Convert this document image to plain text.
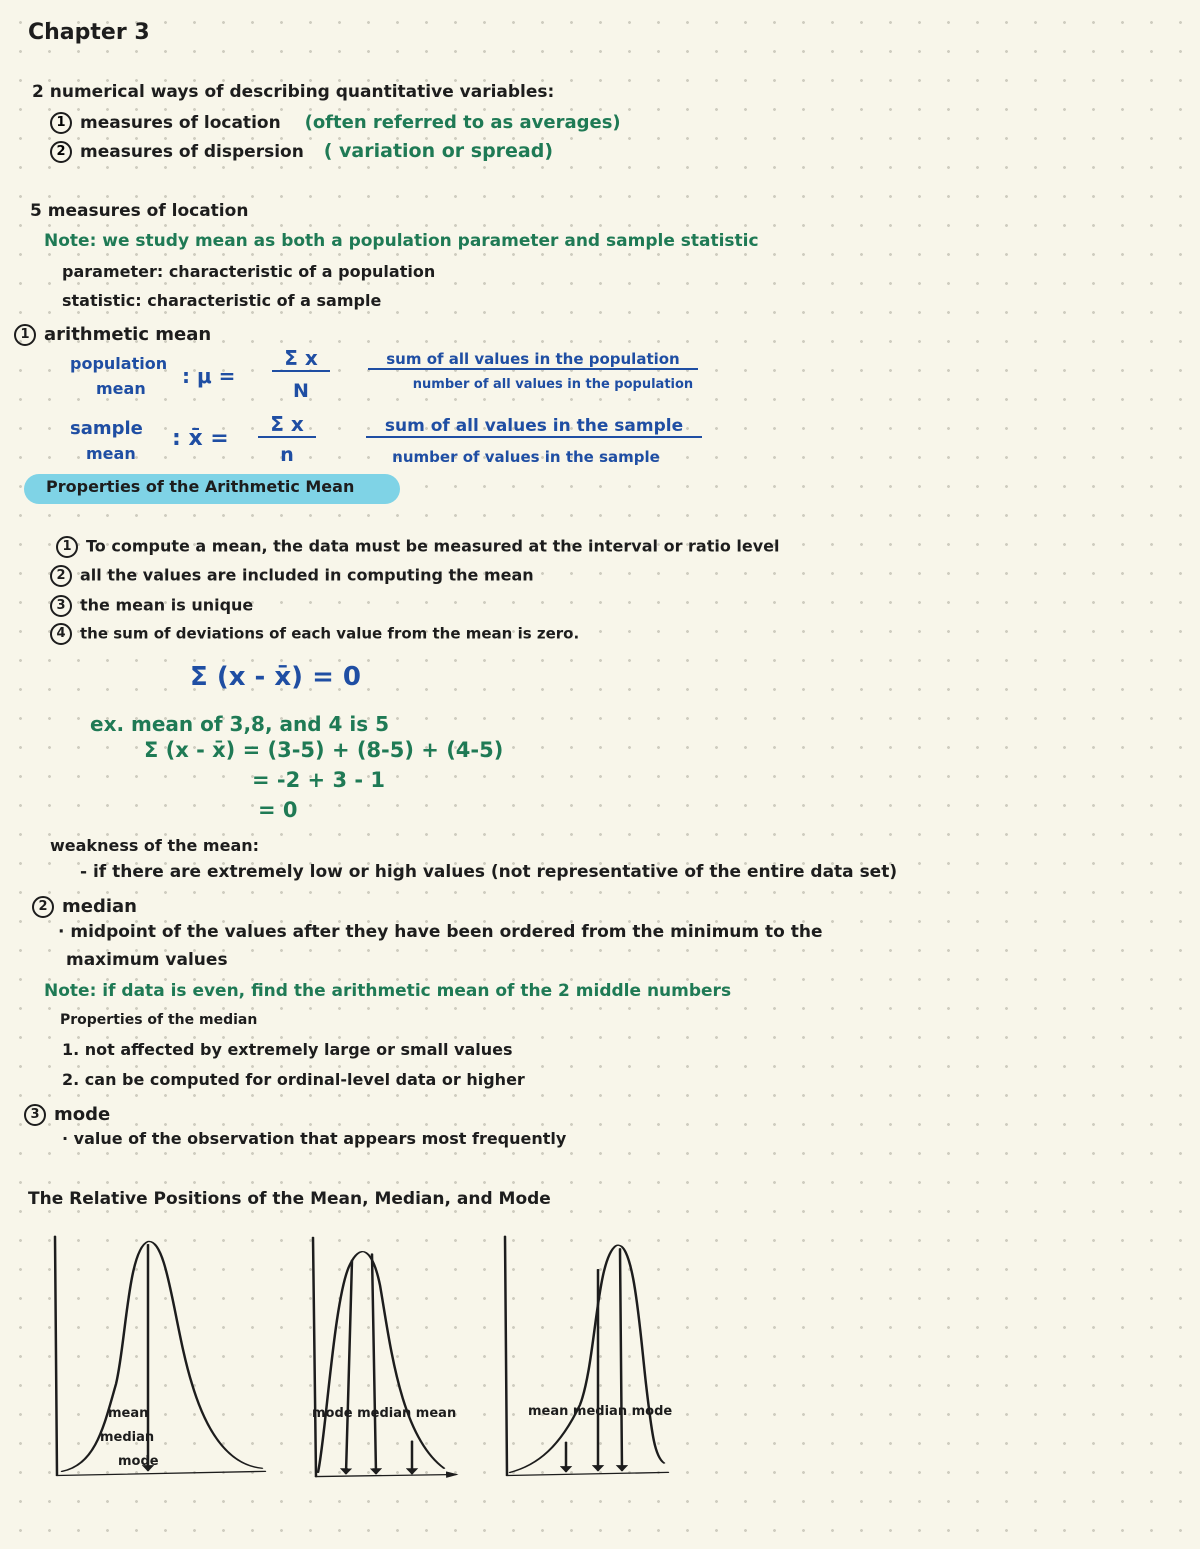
Chapter 3
2 numerical ways of describing quantitative variables:
1 measures of location (often referred to as averages)
2 measures of dispersion ( variation or spread)
5 measures of location
Note: we study mean as both a population parameter and sample statistic
parameter: characteristic of a population
statistic: characteristic of a sample
1 arithmetic mean
population
mean
: μ =
Σ x
N
sum of all values in the population
number of all values in the population
sample
mean
: x̄ =
Σ x
n
sum of all values in the sample
number of values in the sample
Properties of the Arithmetic Mean
1 To compute a mean, the data must be measured at the interval or ratio level
2 all the values are included in computing the mean
3 the mean is unique
4 the sum of deviations of each value from the mean is zero.
Σ (x - x̄) = 0
ex. mean of 3,8, and 4 is 5
Σ (x - x̄) = (3-5) + (8-5) + (4-5)
= -2 + 3 - 1
= 0
weakness of the mean:
- if there are extremely low or high values (not representative of the entire data set)
2 median
· midpoint of the values after they have been ordered from the minimum to the
maximum values
Note: if data is even, find the arithmetic mean of the 2 middle numbers
Properties of the median
1. not affected by extremely large or small values
2. can be computed for ordinal-level data or higher
3 mode
· value of the observation that appears most frequently
The Relative Positions of the Mean, Median, and Mode
mean
median
mode
mode median mean	mean median mode
